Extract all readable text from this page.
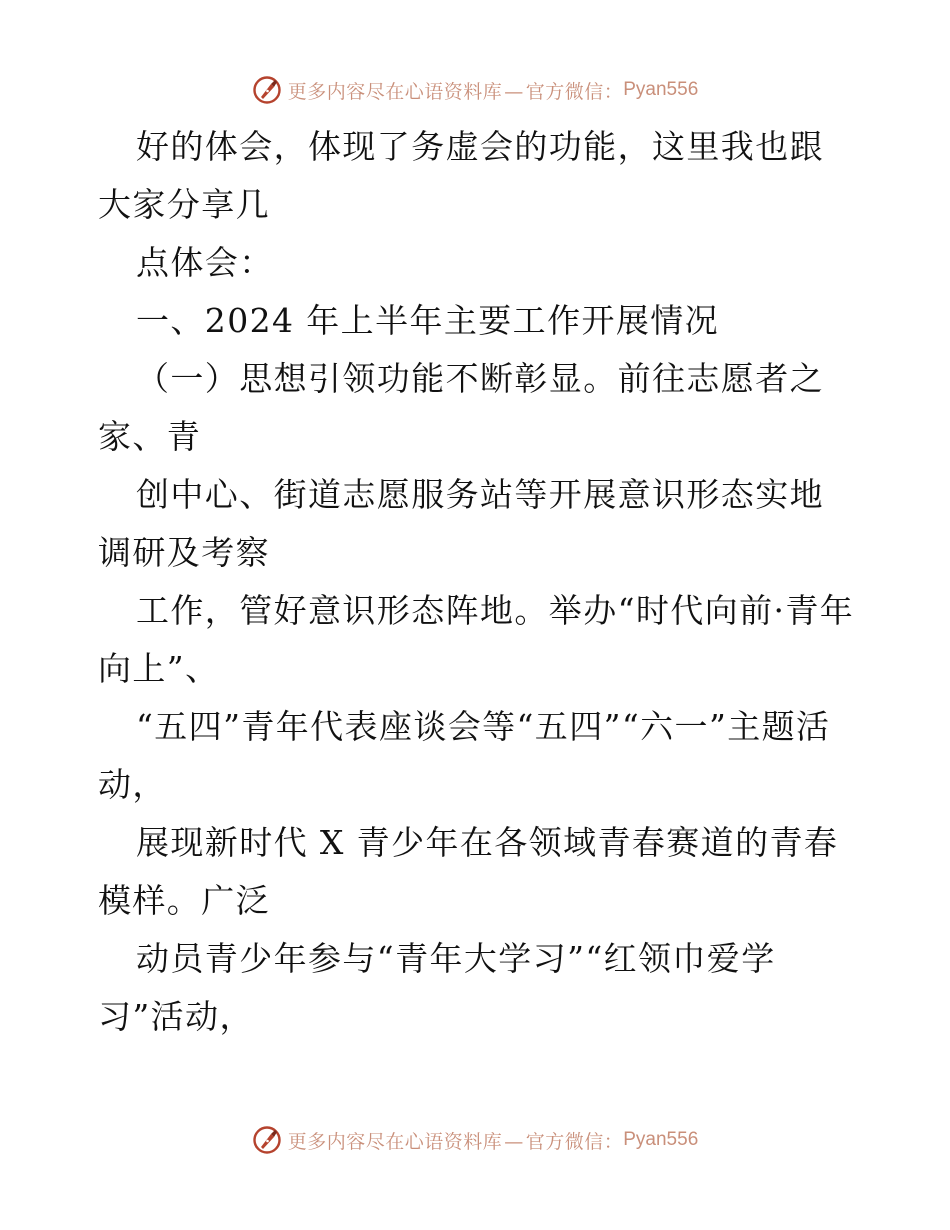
更多内容尽在心语资料库 — 官方微信： Pyan556

好的体会，体现了务虚会的功能，这里我也跟大家分享几

点体会：

一、2024 年上半年主要工作开展情况

（一）思想引领功能不断彰显。前往志愿者之家、青

创中心、街道志愿服务站等开展意识形态实地调研及考察

工作，管好意识形态阵地。举办“时代向前·青年向上”、

“五四”青年代表座谈会等“五四”“六一”主题活动，

展现新时代 X 青少年在各领域青春赛道的青春模样。广泛

动员青少年参与“青年大学习”“红领巾爱学习”活动，

更多内容尽在心语资料库 — 官方微信： Pyan556
